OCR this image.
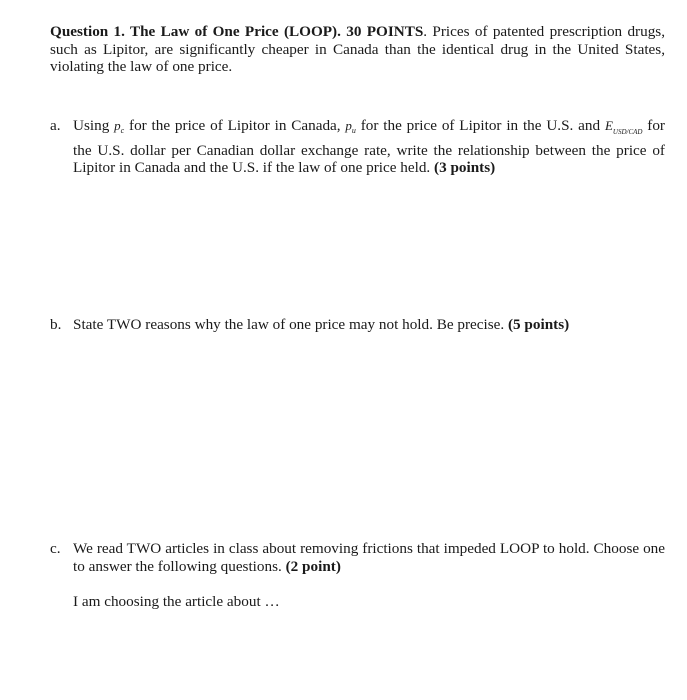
Question 1. The Law of One Price (LOOP). 30 POINTS. Prices of patented prescription drugs, such as Lipitor, are significantly cheaper in Canada than the identical drug in the United States, violating the law of one price.
a. Using $p_c$ for the price of Lipitor in Canada, $p_u$ for the price of Lipitor in the U.S. and $E_{USD/CAD}$ for the U.S. dollar per Canadian dollar exchange rate, write the relationship between the price of Lipitor in Canada and the U.S. if the law of one price held. (3 points)
b. State TWO reasons why the law of one price may not hold. Be precise. (5 points)
c. We read TWO articles in class about removing frictions that impeded LOOP to hold. Choose one to answer the following questions. (2 point)
I am choosing the article about …
